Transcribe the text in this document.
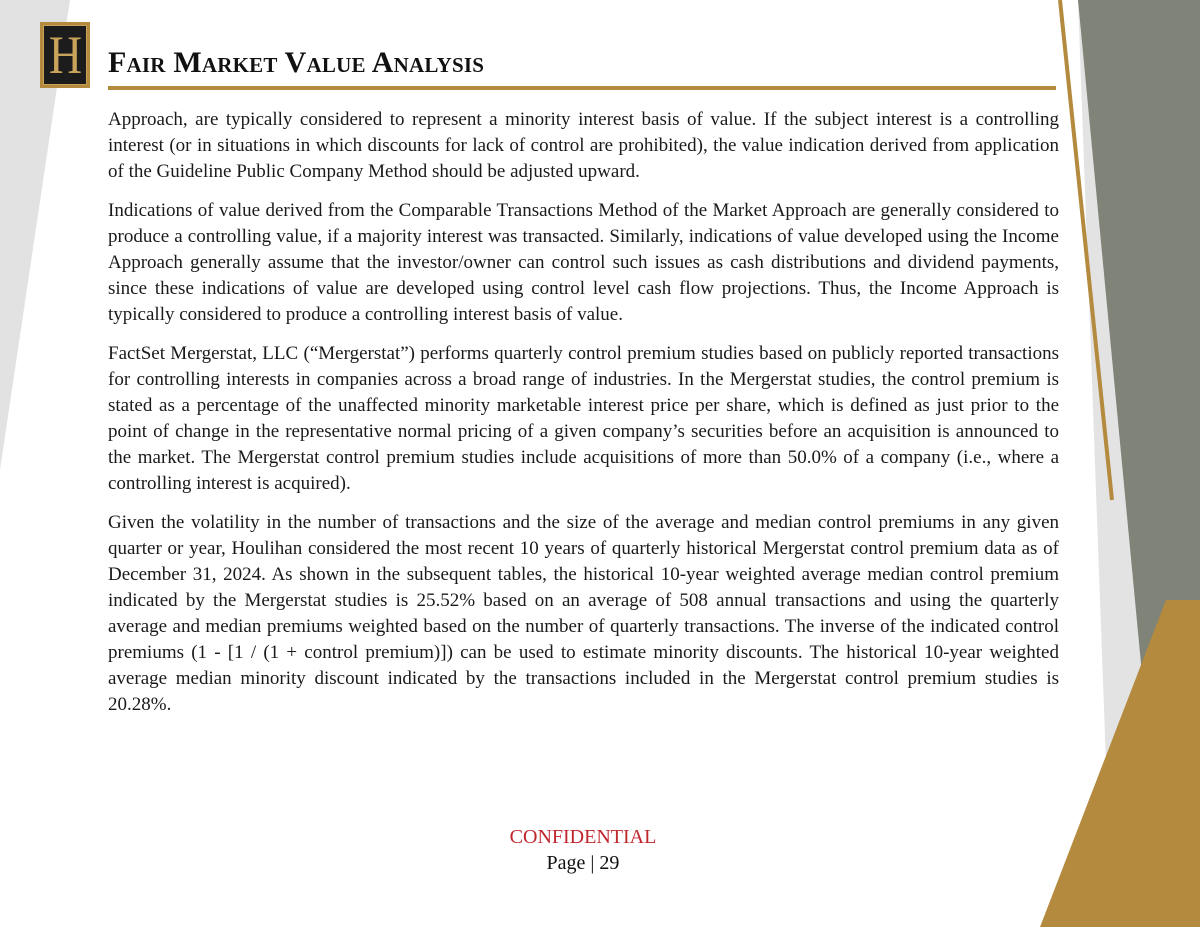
H Fair Market Value Analysis

Approach, are typically considered to represent a minority interest basis of value. If the subject interest is a controlling interest (or in situations in which discounts for lack of control are prohibited), the value indication derived from application of the Guideline Public Company Method should be adjusted upward.

Indications of value derived from the Comparable Transactions Method of the Market Approach are generally considered to produce a controlling value, if a majority interest was transacted. Similarly, indications of value developed using the Income Approach generally assume that the investor/owner can control such issues as cash distributions and dividend payments, since these indications of value are developed using control level cash flow projections. Thus, the Income Approach is typically considered to produce a controlling interest basis of value.

FactSet Mergerstat, LLC (“Mergerstat”) performs quarterly control premium studies based on publicly reported transactions for controlling interests in companies across a broad range of industries. In the Mergerstat studies, the control premium is stated as a percentage of the unaffected minority marketable interest price per share, which is defined as just prior to the point of change in the representative normal pricing of a given company’s securities before an acquisition is announced to the market. The Mergerstat control premium studies include acquisitions of more than 50.0% of a company (i.e., where a controlling interest is acquired).

Given the volatility in the number of transactions and the size of the average and median control premiums in any given quarter or year, Houlihan considered the most recent 10 years of quarterly historical Mergerstat control premium data as of December 31, 2024. As shown in the subsequent tables, the historical 10-year weighted average median control premium indicated by the Mergerstat studies is 25.52% based on an average of 508 annual transactions and using the quarterly average and median premiums weighted based on the number of quarterly transactions. The inverse of the indicated control premiums (1 - [1 / (1 + control premium)]) can be used to estimate minority discounts. The historical 10-year weighted average median minority discount indicated by the transactions included in the Mergerstat control premium studies is 20.28%.

CONFIDENTIAL
Page | 29
